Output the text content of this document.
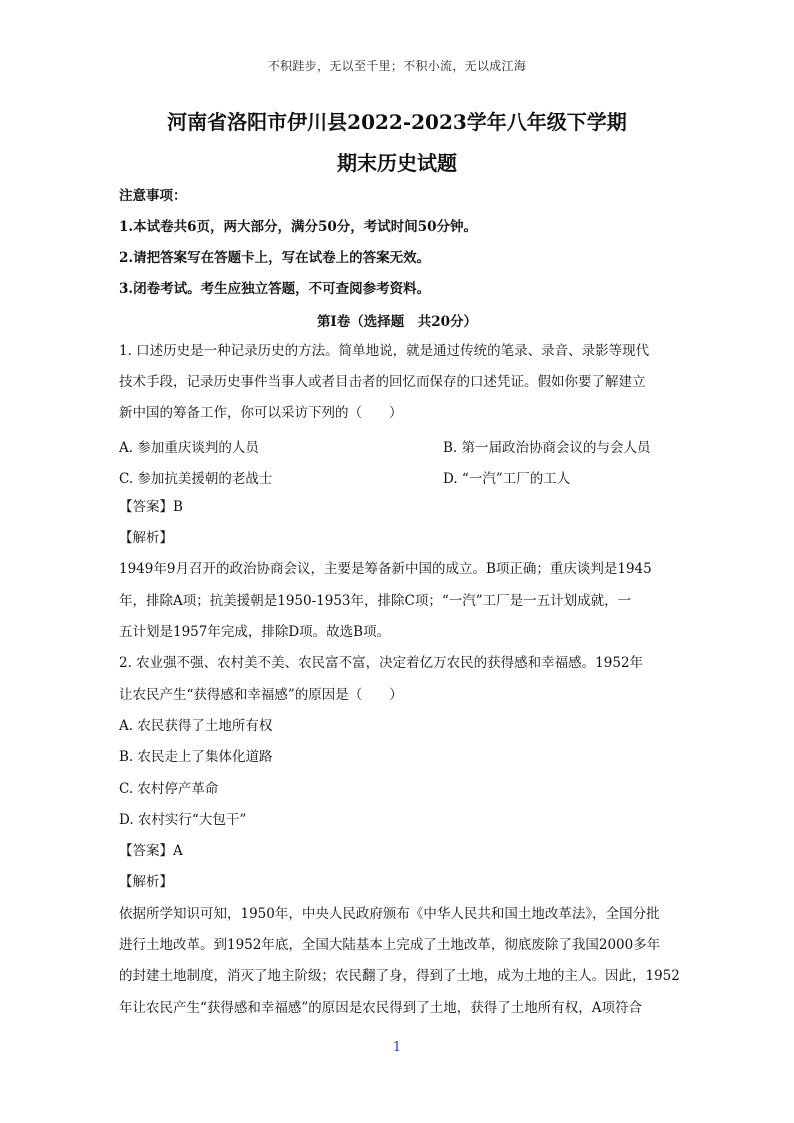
不积跬步，无以至千里；不积小流，无以成江海
河南省洛阳市伊川县2022-2023学年八年级下学期
期末历史试题
注意事项：
1.本试卷共6页，两大部分，满分50分，考试时间50分钟。
2.请把答案写在答题卡上，写在试卷上的答案无效。
3.闭卷考试。考生应独立答题，不可查阅参考资料。
第Ⅰ卷（选择题　共20分）
1. 口述历史是一种记录历史的方法。简单地说，就是通过传统的笔录、录音、录影等现代
技术手段，记录历史事件当事人或者目击者的回忆而保存的口述凭证。假如你要了解建立
新中国的筹备工作，你可以采访下列的（　　）
A. 参加重庆谈判的人员	B. 第一届政治协商会议的与会人员
C. 参加抗美援朝的老战士	D. “一汽”工厂的工人
【答案】B
【解析】
1949年9月召开的政治协商会议，主要是筹备新中国的成立。B项正确；重庆谈判是1945
年，排除A项；抗美援朝是1950-1953年，排除C项；“一汽”工厂是一五计划成就，一
五计划是1957年完成，排除D项。故选B项。
2. 农业强不强、农村美不美、农民富不富，决定着亿万农民的获得感和幸福感。1952年
让农民产生“获得感和幸福感”的原因是（　　）
A. 农民获得了土地所有权
B. 农民走上了集体化道路
C. 农村停产革命
D. 农村实行“大包干”
【答案】A
【解析】
依据所学知识可知，1950年，中央人民政府颁布《中华人民共和国土地改革法》，全国分批
进行土地改革。到1952年底，全国大陆基本上完成了土地改革，彻底废除了我国2000多年
的封建土地制度，消灭了地主阶级；农民翻了身，得到了土地，成为土地的主人。因此，1952
年让农民产生“获得感和幸福感”的原因是农民得到了土地，获得了土地所有权，A项符合
1
